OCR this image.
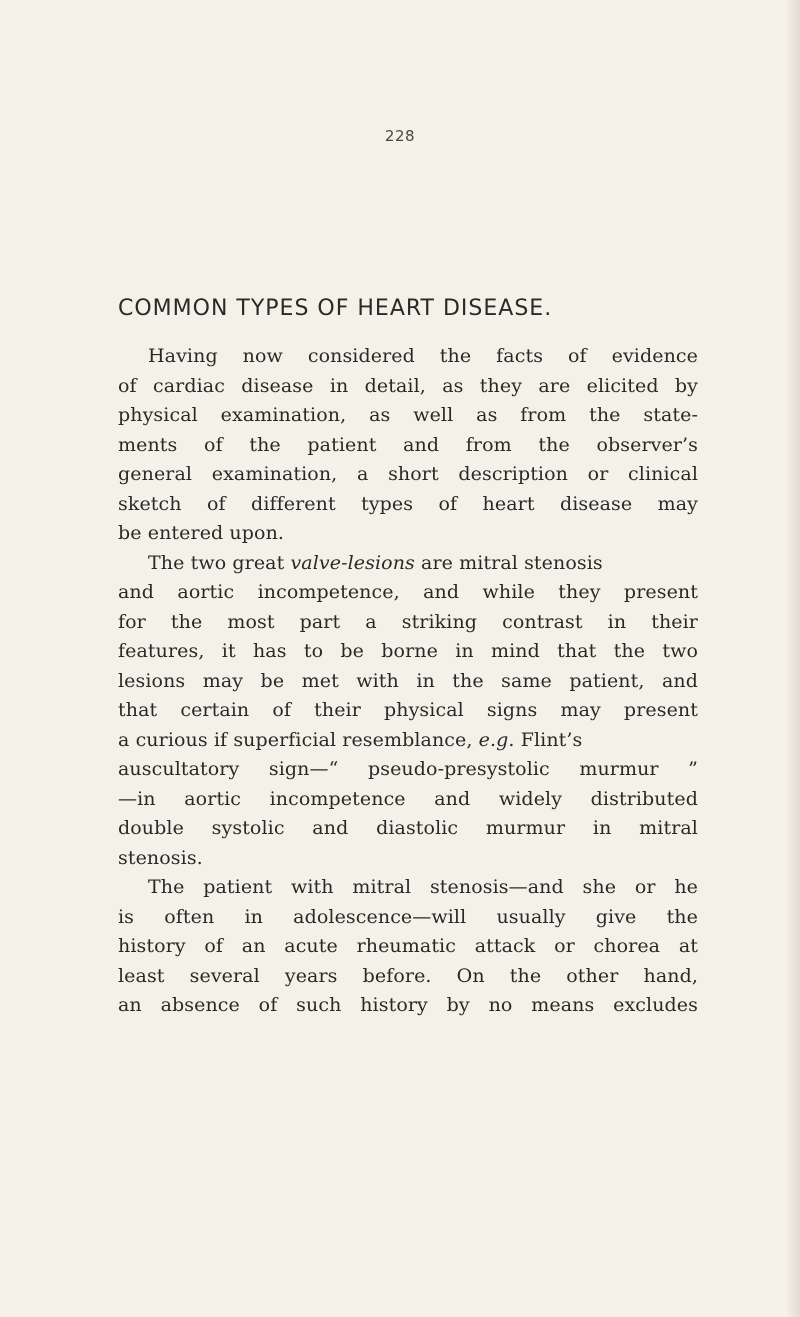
228
COMMON TYPES OF HEART DISEASE.
Having now considered the facts of evidence
of cardiac disease in detail, as they are elicited by
physical examination, as well as from the state-
ments of the patient and from the observer’s
general examination, a short description or clinical
sketch of different types of heart disease may
be entered upon.
The two great valve-lesions are mitral stenosis
and aortic incompetence, and while they present
for the most part a striking contrast in their
features, it has to be borne in mind that the two
lesions may be met with in the same patient, and
that certain of their physical signs may present
a curious if superficial resemblance, e.g. Flint’s
auscultatory sign—“ pseudo-presystolic murmur ”
—in aortic incompetence and widely distributed
double systolic and diastolic murmur in mitral
stenosis.
The patient with mitral stenosis—and she or he
is often in adolescence—will usually give the
history of an acute rheumatic attack or chorea at
least several years before. On the other hand,
an absence of such history by no means excludes
